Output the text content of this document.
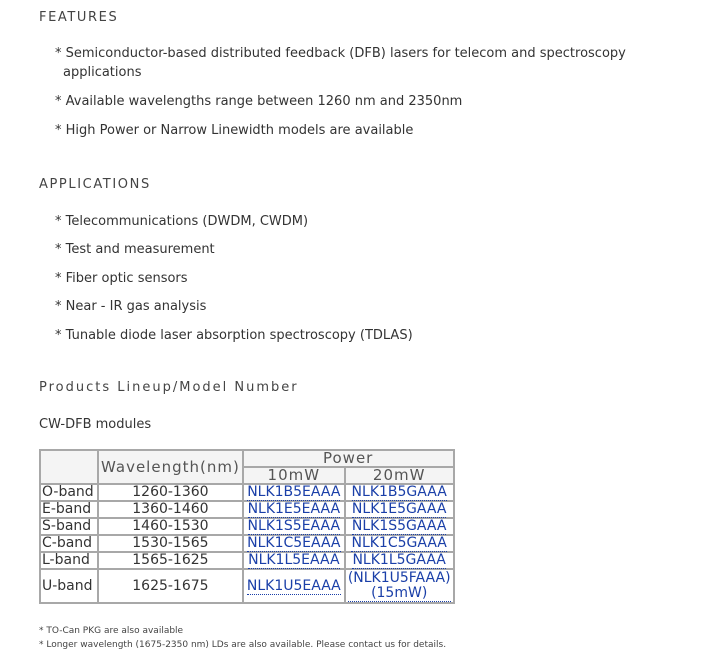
FEATURES
* Semiconductor-based distributed feedback (DFB) lasers for telecom and spectroscopy
applications
* Available wavelengths range between 1260 nm and 2350nm
* High Power or Narrow Linewidth models are available
APPLICATIONS
* Telecommunications (DWDM, CWDM)
* Test and measurement
* Fiber optic sensors
* Near - IR gas analysis
* Tunable diode laser absorption spectroscopy (TDLAS)
Products Lineup/Model Number
CW-DFB modules
	Wavelength(nm)	Power	
		10mW	20mW
O-band	1260-1360	NLK1B5EAAA	NLK1B5GAAA
E-band	1360-1460	NLK1E5EAAA	NLK1E5GAAA
S-band	1460-1530	NLK1S5EAAA	NLK1S5GAAA
C-band	1530-1565	NLK1C5EAAA	NLK1C5GAAA
L-band	1565-1625	NLK1L5EAAA	NLK1L5GAAA
U-band	1625-1675	NLK1U5EAAA	(NLK1U5FAAA)
(15mW)
* TO-Can PKG are also available
* Longer wavelength (1675-2350 nm) LDs are also available. Please contact us for details.
